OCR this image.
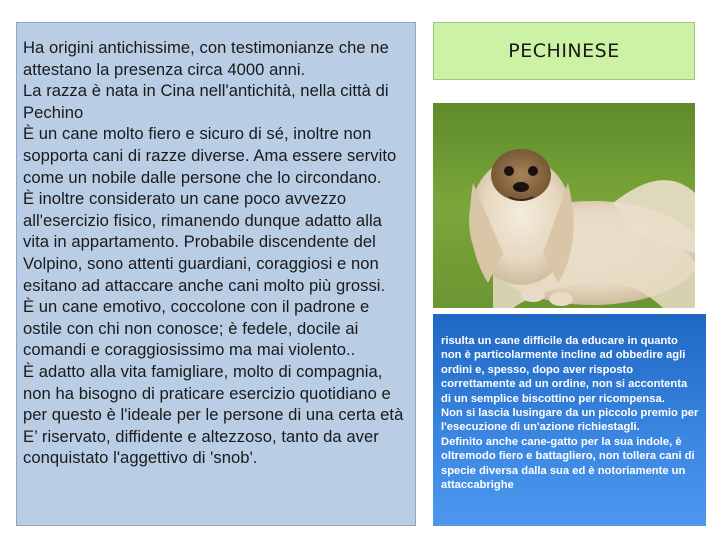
Ha origini antichissime, con testimonianze che ne attestano la presenza circa 4000 anni.

La razza è nata in Cina nell'antichità, nella città di Pechino

È un cane molto fiero e sicuro di sé, inoltre non sopporta cani di razze diverse. Ama essere servito come un nobile dalle persone che lo circondano.

È inoltre considerato un cane poco avvezzo all'esercizio fisico, rimanendo dunque adatto alla vita in appartamento. Probabile discendente del Volpino, sono attenti guardiani, coraggiosi e non esitano ad attaccare anche cani molto più grossi.

È un cane emotivo, coccolone con il padrone e ostile con chi non conosce; è fedele, docile ai comandi e coraggiosissimo ma mai violento..

È adatto alla vita famigliare, molto di compagnia, non ha bisogno di praticare esercizio quotidiano e per questo è l'ideale per le persone di una certa età

E’ riservato, diffidente e altezzoso, tanto da aver conquistato l'aggettivo di 'snob'.

PECHINESE

risulta un cane difficile da educare in quanto non è particolarmente incline ad obbedire agli ordini e, spesso, dopo aver risposto correttamente ad un ordine, non si accontenta di un semplice biscottino per ricompensa.

Non si lascia lusingare da un piccolo premio per l'esecuzione di un'azione richiestagli.

Definito anche cane-gatto per la sua indole, è oltremodo fiero e battagliero, non tollera cani di specie diversa dalla sua ed è notoriamente un attaccabrighe
